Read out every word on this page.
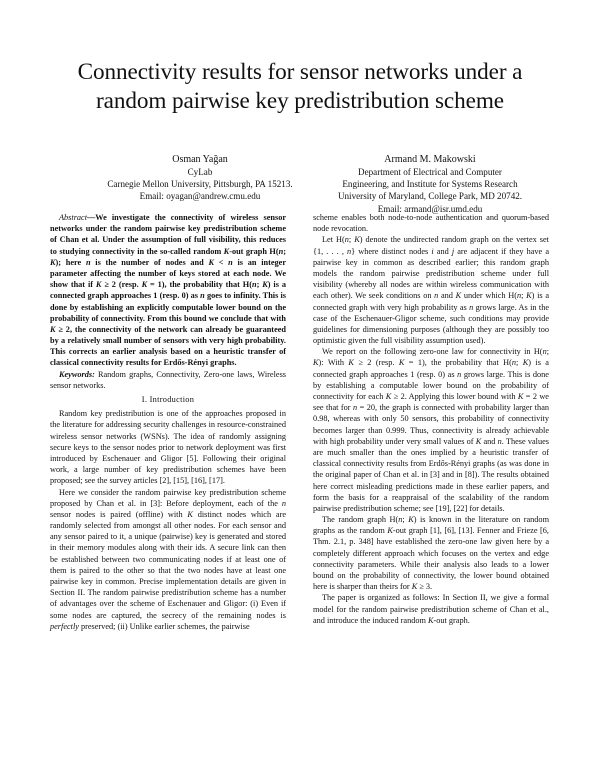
Connectivity results for sensor networks under a
random pairwise key predistribution scheme
Osman Yağan
CyLab
Carnegie Mellon University, Pittsburgh, PA 15213.
Email: oyagan@andrew.cmu.edu
Armand M. Makowski
Department of Electrical and Computer
Engineering, and Institute for Systems Research
University of Maryland, College Park, MD 20742.
Email: armand@isr.umd.edu

Abstract—We investigate the connectivity of wireless sensor networks under the random pairwise key predistribution scheme of Chan et al. Under the assumption of full visibility, this reduces to studying connectivity in the so-called random K-out graph H(n; K); here n is the number of nodes and K < n is an integer parameter affecting the number of keys stored at each node. We show that if K ≥ 2 (resp. K = 1), the probability that H(n; K) is a connected graph approaches 1 (resp. 0) as n goes to infinity. This is done by establishing an explicitly computable lower bound on the probability of connectivity. From this bound we conclude that with K ≥ 2, the connectivity of the network can already be guaranteed by a relatively small number of sensors with very high probability. This corrects an earlier analysis based on a heuristic transfer of classical connectivity results for Erdős-Rényi graphs.

Keywords: Random graphs, Connectivity, Zero-one laws, Wireless sensor networks.

I. Introduction

Random key predistribution is one of the approaches proposed in the literature for addressing security challenges in resource-constrained wireless sensor networks (WSNs). The idea of randomly assigning secure keys to the sensor nodes prior to network deployment was first introduced by Eschenauer and Gligor [5]. Following their original work, a large number of key predistribution schemes have been proposed; see the survey articles [2], [15], [16], [17].

Here we consider the random pairwise key predistribution scheme proposed by Chan et al. in [3]: Before deployment, each of the n sensor nodes is paired (offline) with K distinct nodes which are randomly selected from amongst all other nodes. For each sensor and any sensor paired to it, a unique (pairwise) key is generated and stored in their memory modules along with their ids. A secure link can then be established between two communicating nodes if at least one of them is paired to the other so that the two nodes have at least one pairwise key in common. Precise implementation details are given in Section II. The random pairwise predistribution scheme has a number of advantages over the scheme of Eschenauer and Gligor: (i) Even if some nodes are captured, the secrecy of the remaining nodes is perfectly preserved; (ii) Unlike earlier schemes, the pairwise

scheme enables both node-to-node authentication and quorum-based node revocation.

Let H(n; K) denote the undirected random graph on the vertex set {1, . . . , n} where distinct nodes i and j are adjacent if they have a pairwise key in common as described earlier; this random graph models the random pairwise predistribution scheme under full visibility (whereby all nodes are within wireless communication with each other). We seek conditions on n and K under which H(n; K) is a connected graph with very high probability as n grows large. As in the case of the Eschenauer-Gligor scheme, such conditions may provide guidelines for dimensioning purposes (although they are possibly too optimistic given the full visibility assumption used).

We report on the following zero-one law for connectivity in H(n; K): With K ≥ 2 (resp. K = 1), the probability that H(n; K) is a connected graph approaches 1 (resp. 0) as n grows large. This is done by establishing a computable lower bound on the probability of connectivity for each K ≥ 2. Applying this lower bound with K = 2 we see that for n = 20, the graph is connected with probability larger than 0.98, whereas with only 50 sensors, this probability of connectivity becomes larger than 0.999. Thus, connectivity is already achievable with high probability under very small values of K and n. These values are much smaller than the ones implied by a heuristic transfer of classical connectivity results from Erdős-Rényi graphs (as was done in the original paper of Chan et al. in [3] and in [8]). The results obtained here correct misleading predictions made in these earlier papers, and form the basis for a reappraisal of the scalability of the random pairwise predistribution scheme; see [19], [22] for details.

The random graph H(n; K) is known in the literature on random graphs as the random K-out graph [1], [6], [13]. Fenner and Frieze [6, Thm. 2.1, p. 348] have established the zero-one law given here by a completely different approach which focuses on the vertex and edge connectivity parameters. While their analysis also leads to a lower bound on the probability of connectivity, the lower bound obtained here is sharper than theirs for K ≥ 3.

The paper is organized as follows: In Section II, we give a formal model for the random pairwise predistribution scheme of Chan et al., and introduce the induced random K-out graph.
